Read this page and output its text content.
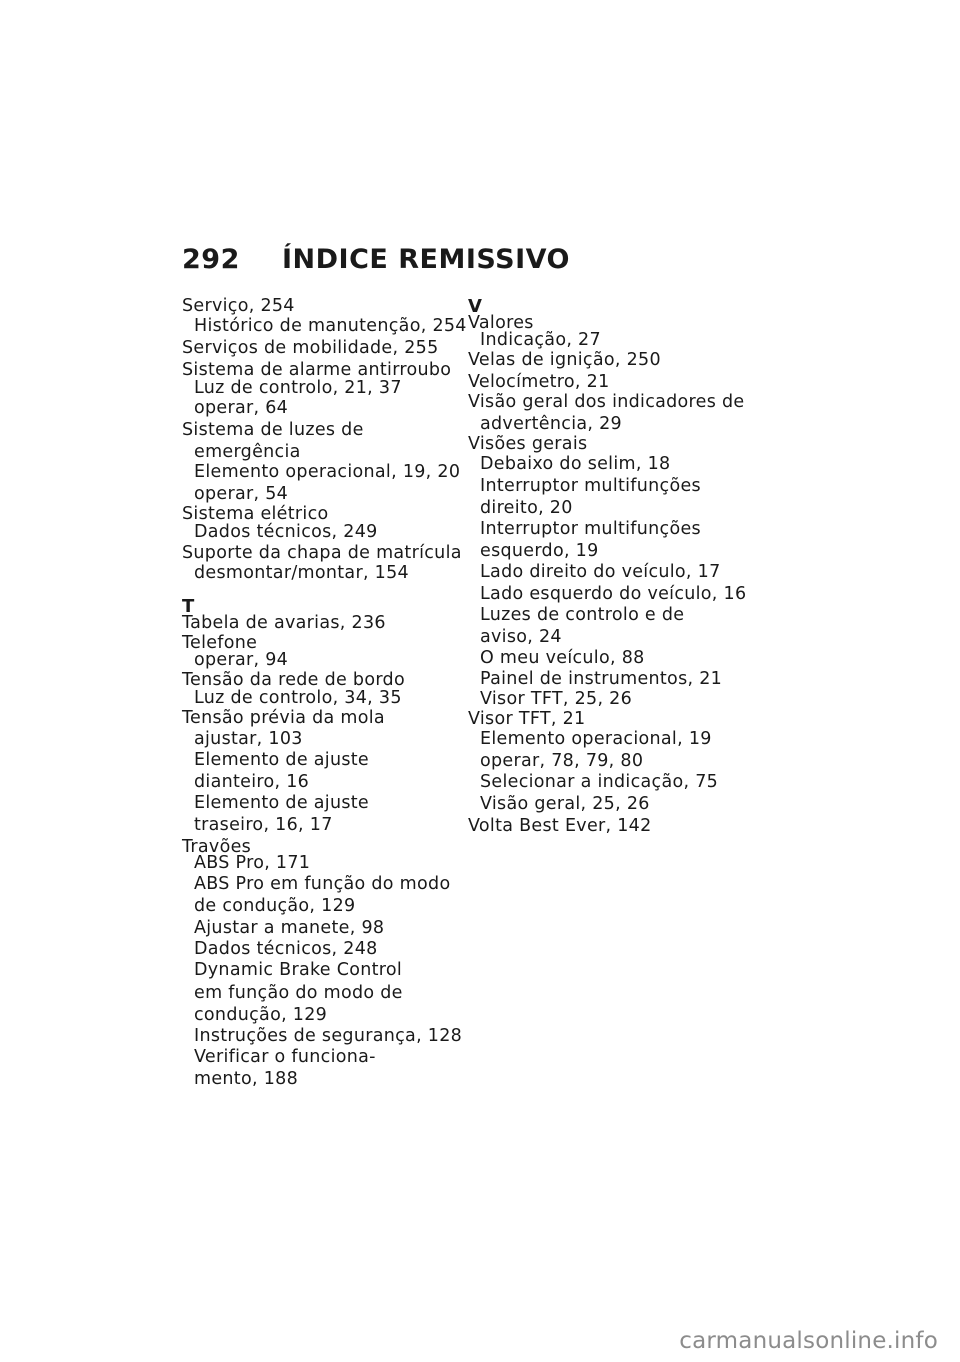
292 ÍNDICE REMISSIVO
Serviço, 254
Histórico de manutenção, 254
Serviços de mobilidade, 255
Sistema de alarme antirroubo
Luz de controlo, 21, 37
operar, 64
Sistema de luzes de
emergência
Elemento operacional, 19, 20
operar, 54
Sistema elétrico
Dados técnicos, 249
Suporte da chapa de matrícula
desmontar/montar, 154
T
Tabela de avarias, 236
Telefone
operar, 94
Tensão da rede de bordo
Luz de controlo, 34, 35
Tensão prévia da mola
ajustar, 103
Elemento de ajuste
dianteiro, 16
Elemento de ajuste
traseiro, 16, 17
Travões
ABS Pro, 171
ABS Pro em função do modo
de condução, 129
Ajustar a manete, 98
Dados técnicos, 248
Dynamic Brake Control
em função do modo de
condução, 129
Instruções de segurança, 128
Verificar o funciona-
mento, 188
V
Valores
Indicação, 27
Velas de ignição, 250
Velocímetro, 21
Visão geral dos indicadores de
advertência, 29
Visões gerais
Debaixo do selim, 18
Interruptor multifunções
direito, 20
Interruptor multifunções
esquerdo, 19
Lado direito do veículo, 17
Lado esquerdo do veículo, 16
Luzes de controlo e de
aviso, 24
O meu veículo, 88
Painel de instrumentos, 21
Visor TFT, 25, 26
Visor TFT, 21
Elemento operacional, 19
operar, 78, 79, 80
Selecionar a indicação, 75
Visão geral, 25, 26
Volta Best Ever, 142
carmanualsonline.info
